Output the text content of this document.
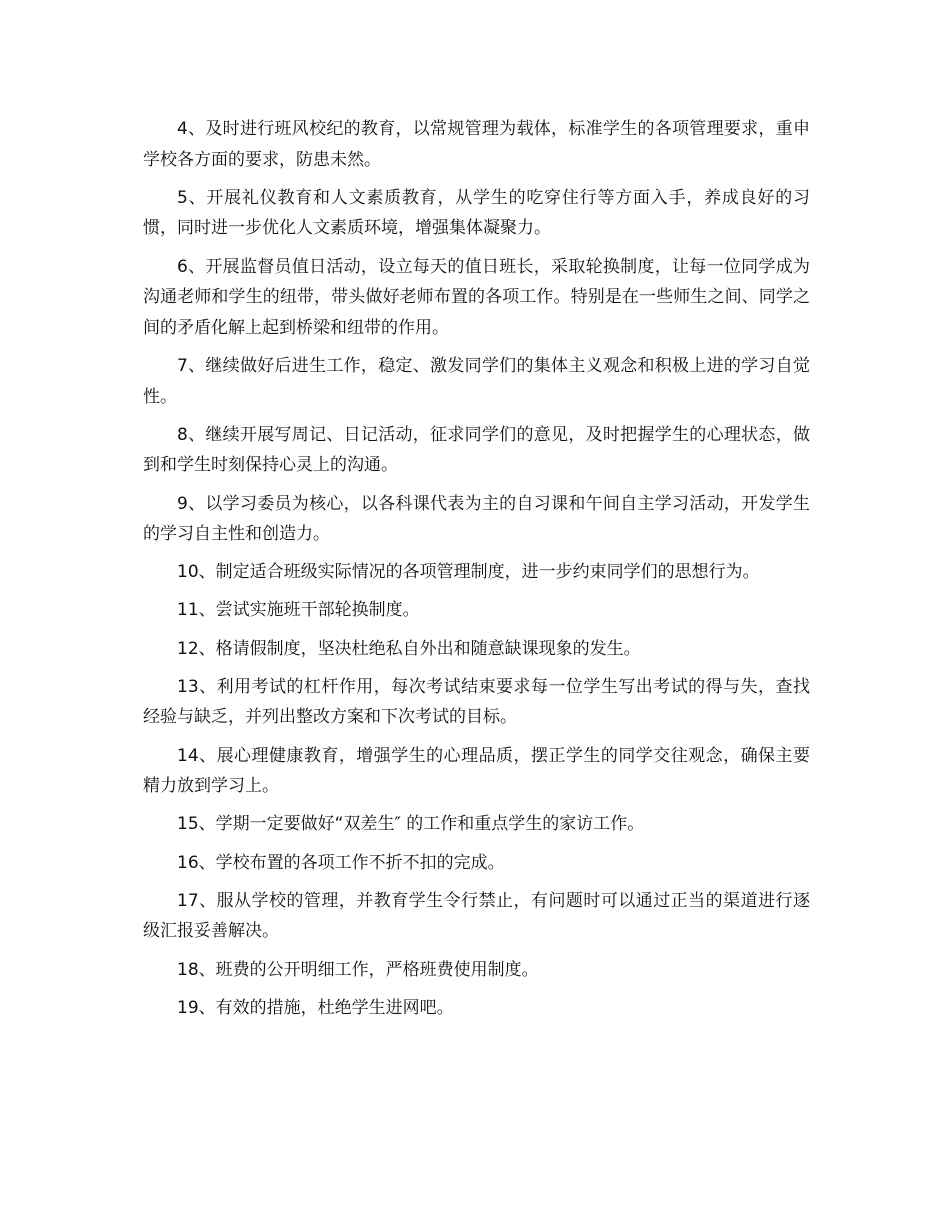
4、及时进行班风校纪的教育，以常规管理为载体，标准学生的各项管理要求，重申学校各方面的要求，防患未然。

5、开展礼仪教育和人文素质教育，从学生的吃穿住行等方面入手，养成良好的习惯，同时进一步优化人文素质环境，增强集体凝聚力。

6、开展监督员值日活动，设立每天的值日班长，采取轮换制度，让每一位同学成为沟通老师和学生的纽带，带头做好老师布置的各项工作。特别是在一些师生之间、同学之间的矛盾化解上起到桥梁和纽带的作用。

7、继续做好后进生工作，稳定、激发同学们的集体主义观念和积极上进的学习自觉性。

8、继续开展写周记、日记活动，征求同学们的意见，及时把握学生的心理状态，做到和学生时刻保持心灵上的沟通。

9、以学习委员为核心，以各科课代表为主的自习课和午间自主学习活动，开发学生的学习自主性和创造力。

10、制定适合班级实际情况的各项管理制度，进一步约束同学们的思想行为。

11、尝试实施班干部轮换制度。

12、格请假制度，坚决杜绝私自外出和随意缺课现象的发生。

13、利用考试的杠杆作用，每次考试结束要求每一位学生写出考试的得与失，查找经验与缺乏，并列出整改方案和下次考试的目标。

14、展心理健康教育，增强学生的心理品质，摆正学生的同学交往观念，确保主要精力放到学习上。

15、学期一定要做好“双差生″ 的工作和重点学生的家访工作。

16、学校布置的各项工作不折不扣的完成。

17、服从学校的管理，并教育学生令行禁止，有问题时可以通过正当的渠道进行逐级汇报妥善解决。

18、班费的公开明细工作，严格班费使用制度。

19、有效的措施，杜绝学生进网吧。
